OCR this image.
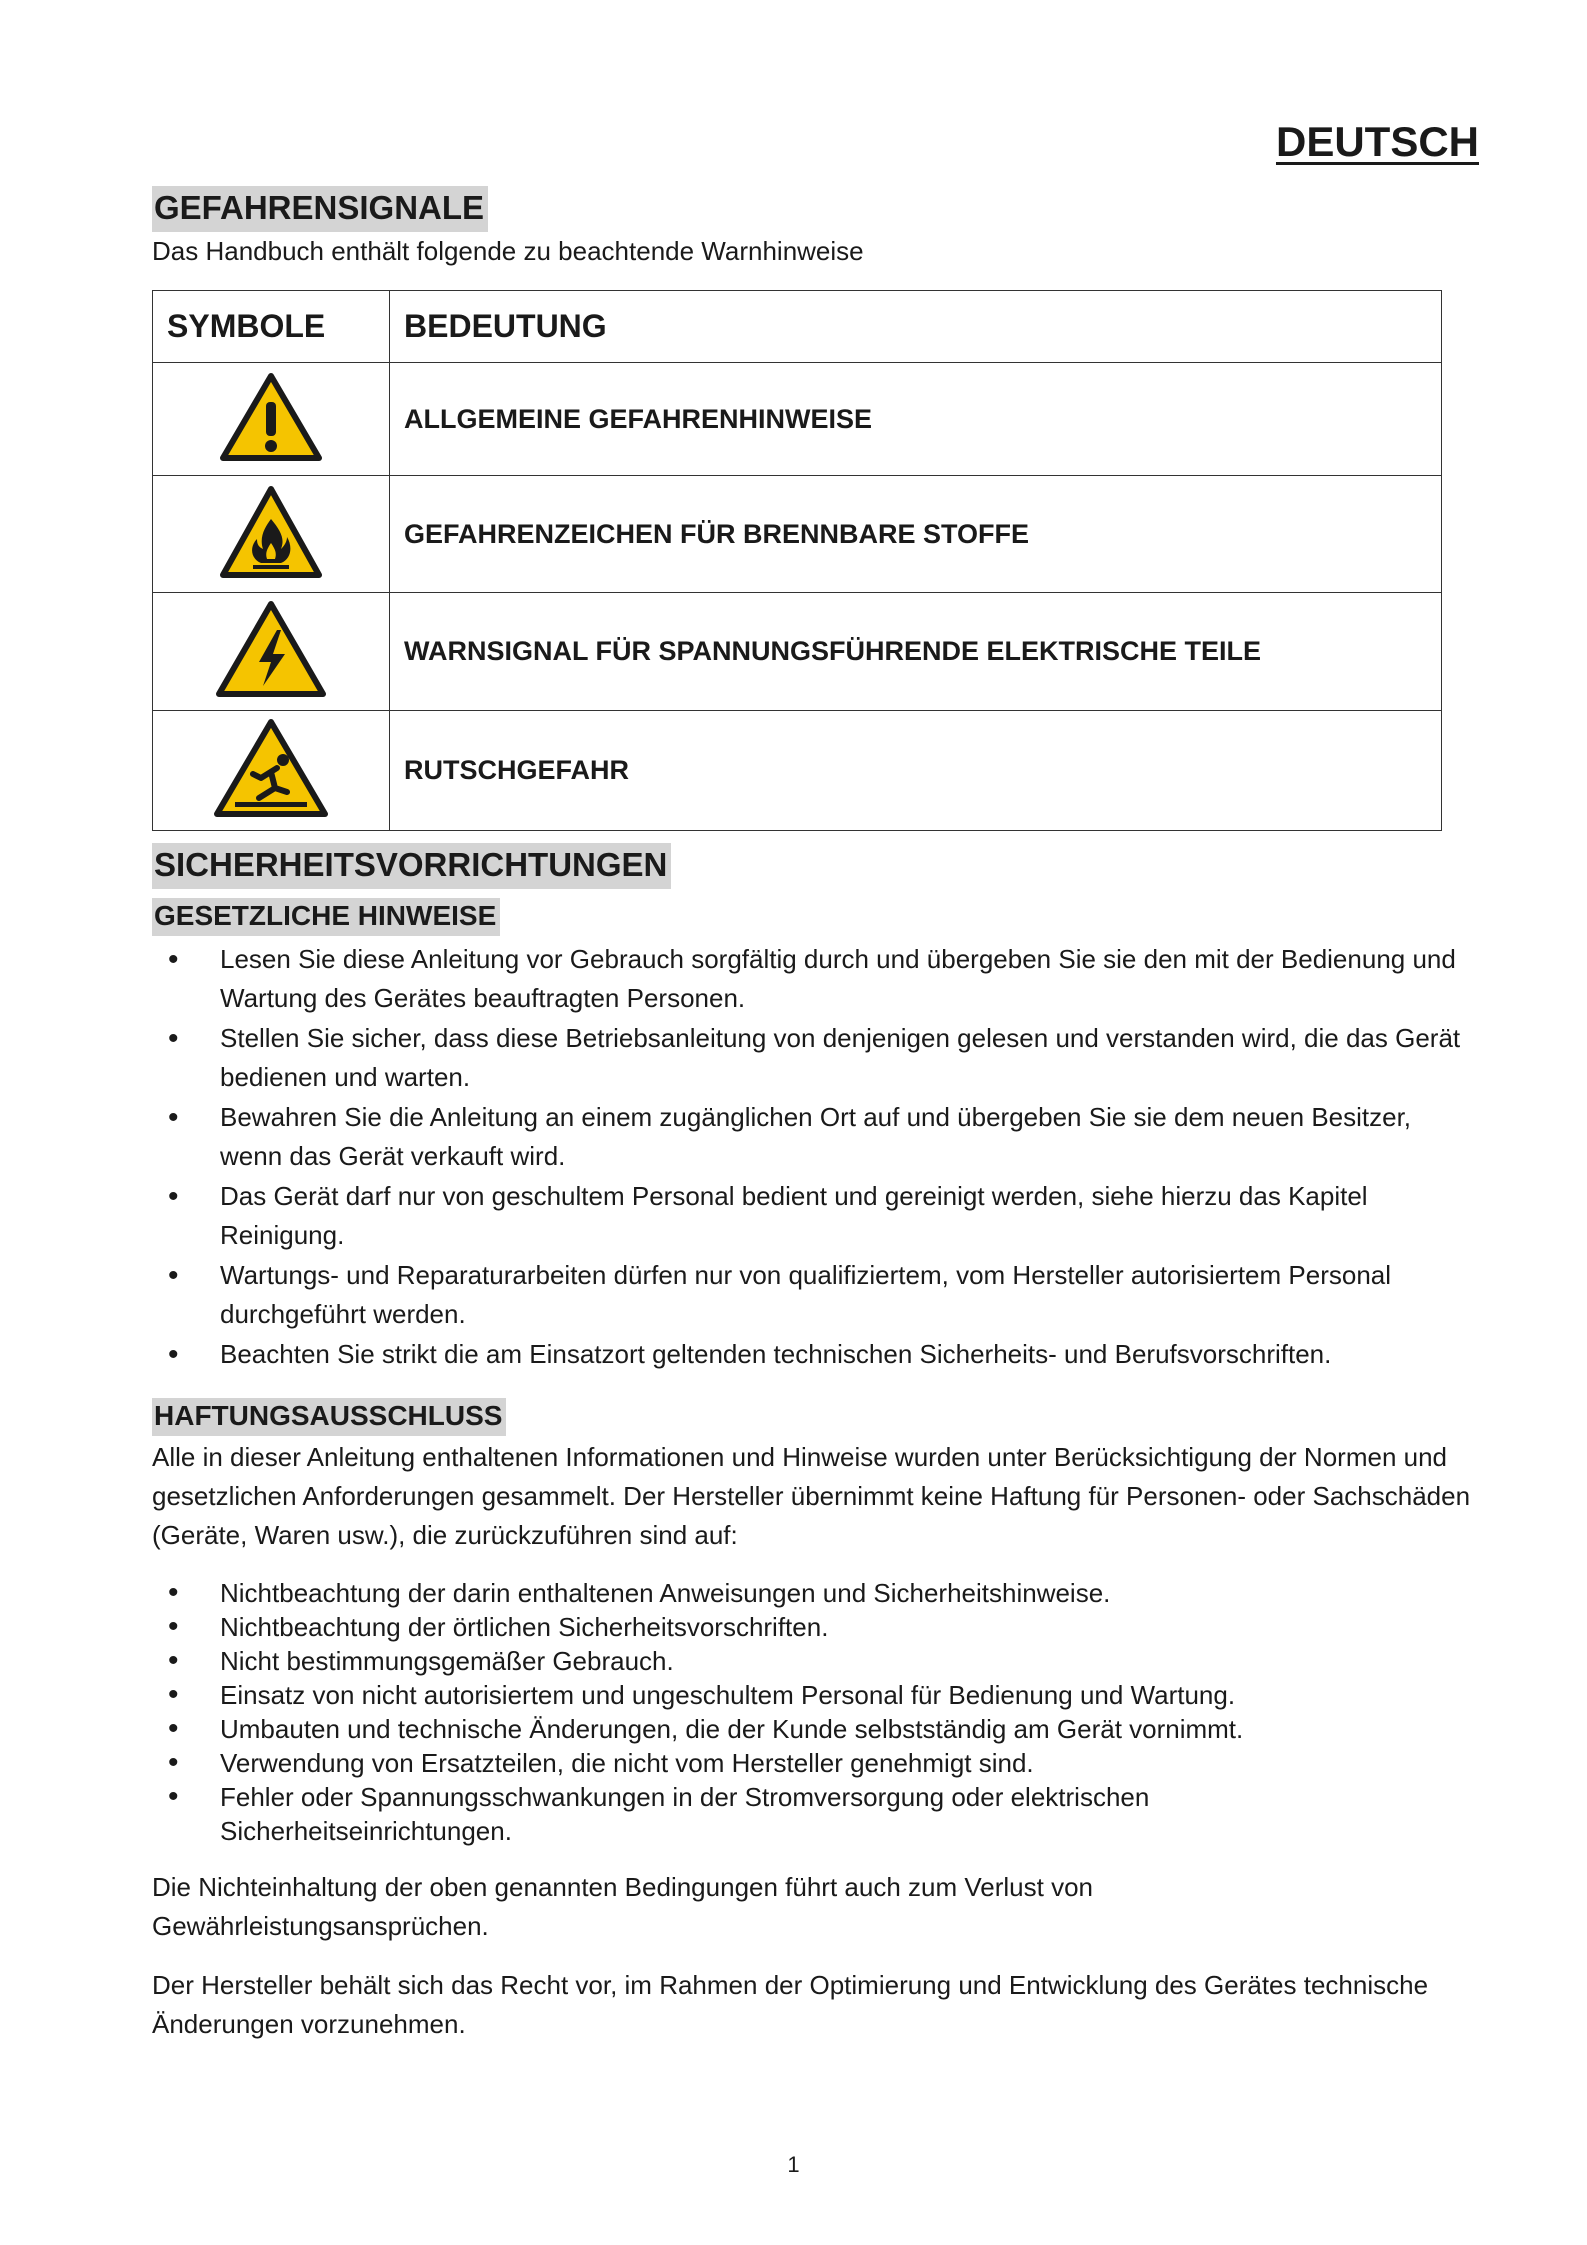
DEUTSCH
GEFAHRENSIGNALE
Das Handbuch enthält folgende zu beachtende Warnhinweise
SYMBOLE	BEDEUTUNG
	ALLGEMEINE GEFAHRENHINWEISE
	GEFAHRENZEICHEN FÜR BRENNBARE STOFFE
	WARNSIGNAL FÜR SPANNUNGSFÜHRENDE ELEKTRISCHE TEILE
	RUTSCHGEFAHR
SICHERHEITSVORRICHTUNGEN
GESETZLICHE HINWEISE
• Lesen Sie diese Anleitung vor Gebrauch sorgfältig durch und übergeben Sie sie den mit der Bedienung und Wartung des Gerätes beauftragten Personen.
• Stellen Sie sicher, dass diese Betriebsanleitung von denjenigen gelesen und verstanden wird, die das Gerät bedienen und warten.
• Bewahren Sie die Anleitung an einem zugänglichen Ort auf und übergeben Sie sie dem neuen Besitzer, wenn das Gerät verkauft wird.
• Das Gerät darf nur von geschultem Personal bedient und gereinigt werden, siehe hierzu das Kapitel Reinigung.
• Wartungs- und Reparaturarbeiten dürfen nur von qualifiziertem, vom Hersteller autorisiertem Personal durchgeführt werden.
• Beachten Sie strikt die am Einsatzort geltenden technischen Sicherheits- und Berufsvorschriften.
HAFTUNGSAUSSCHLUSS
Alle in dieser Anleitung enthaltenen Informationen und Hinweise wurden unter Berücksichtigung der Normen und gesetzlichen Anforderungen gesammelt. Der Hersteller übernimmt keine Haftung für Personen- oder Sachschäden (Geräte, Waren usw.), die zurückzuführen sind auf:
• Nichtbeachtung der darin enthaltenen Anweisungen und Sicherheitshinweise.
• Nichtbeachtung der örtlichen Sicherheitsvorschriften.
• Nicht bestimmungsgemäßer Gebrauch.
• Einsatz von nicht autorisiertem und ungeschultem Personal für Bedienung und Wartung.
• Umbauten und technische Änderungen, die der Kunde selbstständig am Gerät vornimmt.
• Verwendung von Ersatzteilen, die nicht vom Hersteller genehmigt sind.
• Fehler oder Spannungsschwankungen in der Stromversorgung oder elektrischen Sicherheitseinrichtungen.
Die Nichteinhaltung der oben genannten Bedingungen führt auch zum Verlust von Gewährleistungsansprüchen.
Der Hersteller behält sich das Recht vor, im Rahmen der Optimierung und Entwicklung des Gerätes technische Änderungen vorzunehmen.
1
